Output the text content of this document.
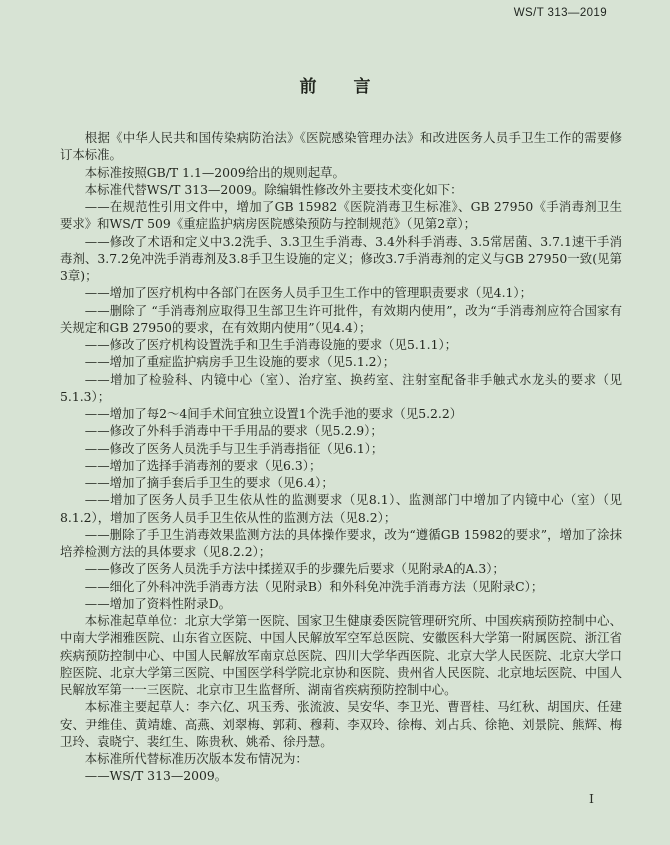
WS/T 313—2019
前　言

根据《中华人民共和国传染病防治法》《医院感染管理办法》和改进医务人员手卫生工作的需要修订本标准。

本标准按照GB/T 1.1—2009给出的规则起草。

本标准代替WS/T 313—2009。除编辑性修改外主要技术变化如下：

——在规范性引用文件中，增加了GB 15982《医院消毒卫生标准》、GB 27950《手消毒剂卫生要求》和WS/T 509《重症监护病房医院感染预防与控制规范》（见第2章）；

——修改了术语和定义中3.2洗手、3.3卫生手消毒、3.4外科手消毒、3.5常居菌、3.7.1速干手消毒剂、3.7.2免冲洗手消毒剂及3.8手卫生设施的定义；修改3.7手消毒剂的定义与GB 27950一致(见第3章)；

——增加了医疗机构中各部门在医务人员手卫生工作中的管理职责要求（见4.1）；

——删除了 “手消毒剂应取得卫生部卫生许可批件，有效期内使用”，改为“手消毒剂应符合国家有关规定和GB 27950的要求，在有效期内使用”（见4.4）；

——修改了医疗机构设置洗手和卫生手消毒设施的要求（见5.1.1）；

——增加了重症监护病房手卫生设施的要求（见5.1.2）；

——增加了检验科、内镜中心（室）、治疗室、换药室、注射室配备非手触式水龙头的要求（见5.1.3）；

——增加了每2～4间手术间宜独立设置1个洗手池的要求（见5.2.2）

——修改了外科手消毒中干手用品的要求（见5.2.9）；

——修改了医务人员洗手与卫生手消毒指征（见6.1）；

——增加了选择手消毒剂的要求（见6.3）；

——增加了摘手套后手卫生的要求（见6.4）；

——增加了医务人员手卫生依从性的监测要求（见8.1）、监测部门中增加了内镜中心（室）（见8.1.2），增加了医务人员手卫生依从性的监测方法（见8.2）；

——删除了手卫生消毒效果监测方法的具体操作要求，改为“遵循GB 15982的要求”，增加了涂抹培养检测方法的具体要求（见8.2.2）；

——修改了医务人员洗手方法中揉搓双手的步骤先后要求（见附录A的A.3）；

——细化了外科冲洗手消毒方法（见附录B）和外科免冲洗手消毒方法（见附录C）；

——增加了资料性附录D。

本标准起草单位：北京大学第一医院、国家卫生健康委医院管理研究所、中国疾病预防控制中心、中南大学湘雅医院、山东省立医院、中国人民解放军空军总医院、安徽医科大学第一附属医院、浙江省疾病预防控制中心、中国人民解放军南京总医院、四川大学华西医院、北京大学人民医院、北京大学口腔医院、北京大学第三医院、中国医学科学院北京协和医院、贵州省人民医院、北京地坛医院、中国人民解放军第一一三医院、北京市卫生监督所、湖南省疾病预防控制中心。

本标准主要起草人：李六亿、巩玉秀、张流波、吴安华、李卫光、曹晋桂、马红秋、胡国庆、任建安、尹维佳、黄靖雄、高燕、刘翠梅、郭莉、穆莉、李双玲、徐梅、刘占兵、徐艳、刘景院、熊辉、梅卫玲、袁晓宁、裴红生、陈贵秋、姚希、徐丹慧。

本标准所代替标准历次版本发布情况为：

——WS/T 313—2009。

I
